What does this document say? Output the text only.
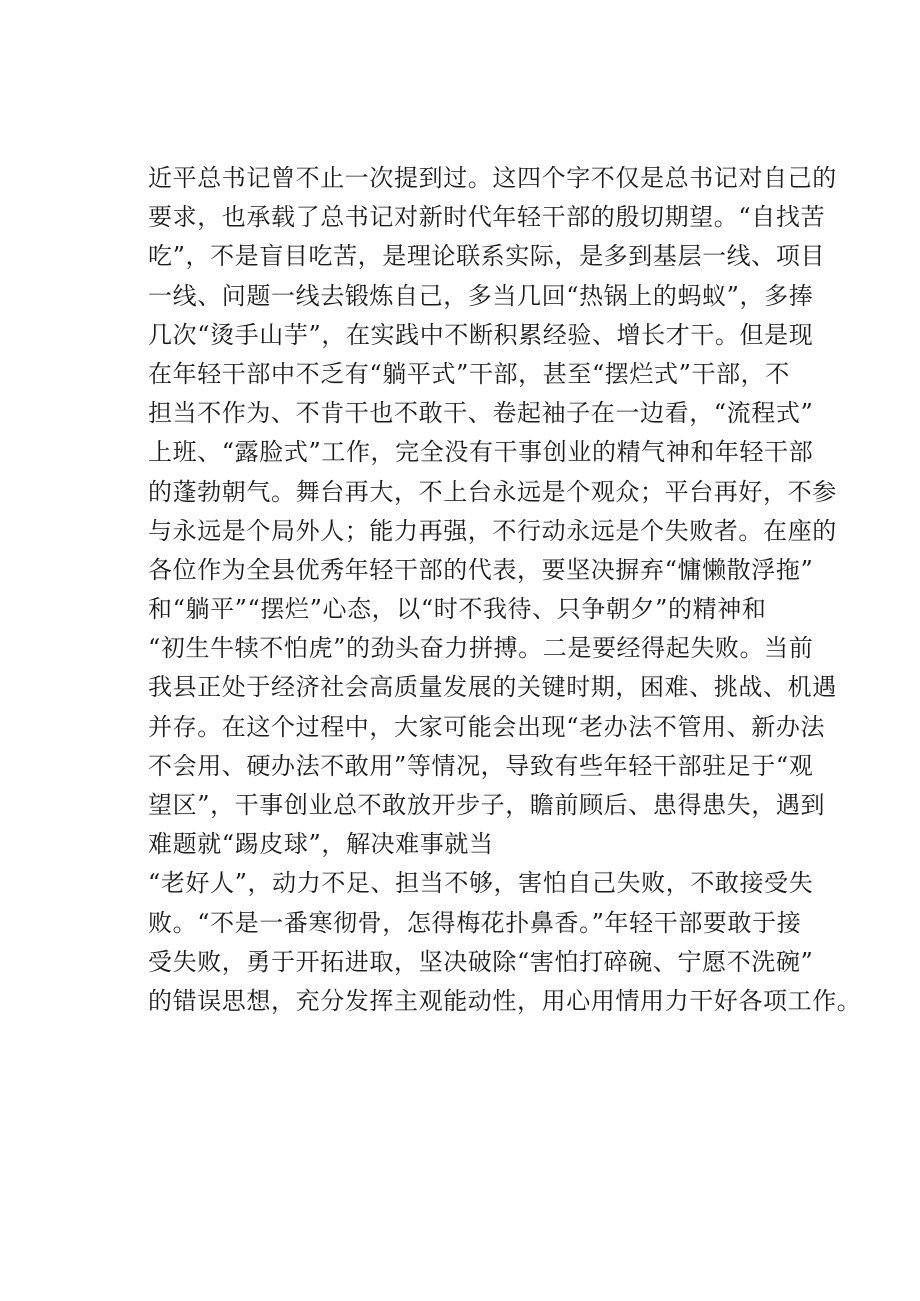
近平总书记曾不止一次提到过。这四个字不仅是总书记对自己的
要求，也承载了总书记对新时代年轻干部的殷切期望。“自找苦
吃”，不是盲目吃苦，是理论联系实际，是多到基层一线、项目
一线、问题一线去锻炼自己，多当几回“热锅上的蚂蚁”，多捧
几次“烫手山芋”，在实践中不断积累经验、增长才干。但是现
在年轻干部中不乏有“躺平式”干部，甚至“摆烂式”干部，不
担当不作为、不肯干也不敢干、卷起袖子在一边看，“流程式”
上班、“露脸式”工作，完全没有干事创业的精气神和年轻干部
的蓬勃朝气。舞台再大，不上台永远是个观众；平台再好，不参
与永远是个局外人；能力再强，不行动永远是个失败者。在座的
各位作为全县优秀年轻干部的代表，要坚决摒弃“慵懒散浮拖”
和“躺平”“摆烂”心态，以“时不我待、只争朝夕”的精神和
“初生牛犊不怕虎”的劲头奋力拼搏。二是要经得起失败。当前
我县正处于经济社会高质量发展的关键时期，困难、挑战、机遇
并存。在这个过程中，大家可能会出现“老办法不管用、新办法
不会用、硬办法不敢用”等情况，导致有些年轻干部驻足于“观
望区”，干事创业总不敢放开步子，瞻前顾后、患得患失，遇到
难题就“踢皮球”，解决难事就当
“老好人”，动力不足、担当不够，害怕自己失败，不敢接受失
败。“不是一番寒彻骨，怎得梅花扑鼻香。”年轻干部要敢于接
受失败，勇于开拓进取，坚决破除“害怕打碎碗、宁愿不洗碗”
的错误思想，充分发挥主观能动性，用心用情用力干好各项工作。
